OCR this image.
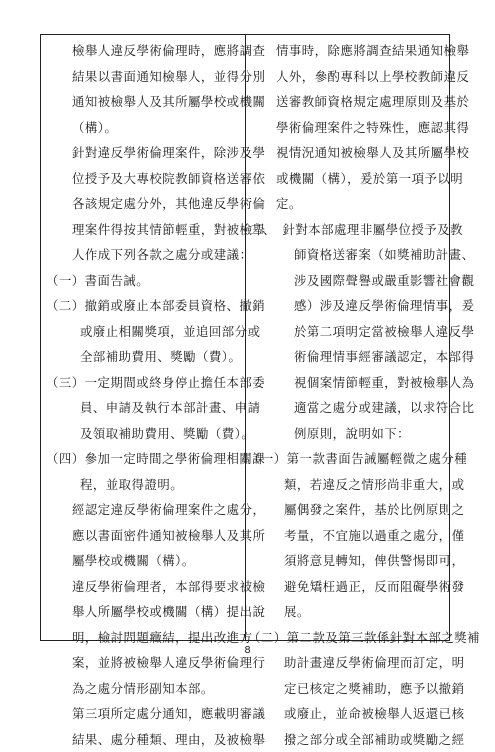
檢舉人違反學術倫理時，應將調查
結果以書面通知檢舉人，並得分別
通知被檢舉人及其所屬學校或機關
（構）。
針對違反學術倫理案件，除涉及學
位授予及大專校院教師資格送審依
各該規定處分外，其他違反學術倫
理案件得按其情節輕重，對被檢舉
人作成下列各款之處分或建議：
（一）書面告誡。
（二）撤銷或廢止本部委員資格、撤銷
或廢止相關獎項，並追回部分或
全部補助費用、獎勵（費）。
（三）一定期間或終身停止擔任本部委
員、申請及執行本部計畫、申請
及領取補助費用、獎勵（費）。
（四）參加一定時間之學術倫理相關課
程，並取得證明。
經認定違反學術倫理案件之處分，
應以書面密件通知被檢舉人及其所
屬學校或機關（構）。
違反學術倫理者，本部得要求被檢
舉人所屬學校或機關（構）提出說
明，檢討問題癥結，提出改進方
案，並將被檢舉人違反學術倫理行
為之處分情形副知本部。
第三項所定處分通知，應載明審議
結果、處分種類、理由，及被檢舉
情事時，除應將調查結果通知檢舉
人外，參酌專科以上學校教師違反
送審教師資格規定處理原則及基於
學術倫理案件之特殊性，應認其得
視情況通知被檢舉人及其所屬學校
或機關（構），爰於第一項予以明
定。
二、　針對本部處理非屬學位授予及教
師資格送審案（如獎補助計畫、
涉及國際聲譽或嚴重影響社會觀
感）涉及違反學術倫理情事，爰
於第二項明定當被檢舉人違反學
術倫理情事經審議認定，本部得
視個案情節輕重，對被檢舉人為
適當之處分或建議，以求符合比
例原則，說明如下：
（一）第一款書面告誡屬輕微之處分種
類，若違反之情形尚非重大，或
屬偶發之案件，基於比例原則之
考量，不宜施以過重之處分，僅
須將意見轉知，俾供警惕即可，
避免矯枉過正，反而阻礙學術發
展。
（二）第二款及第三款係針對本部之獎補
助計畫違反學術倫理而訂定，明
定已核定之獎補助，應予以撤銷
或廢止，並命被檢舉人返還已核
撥之部分或全部補助或獎勵之經
8
